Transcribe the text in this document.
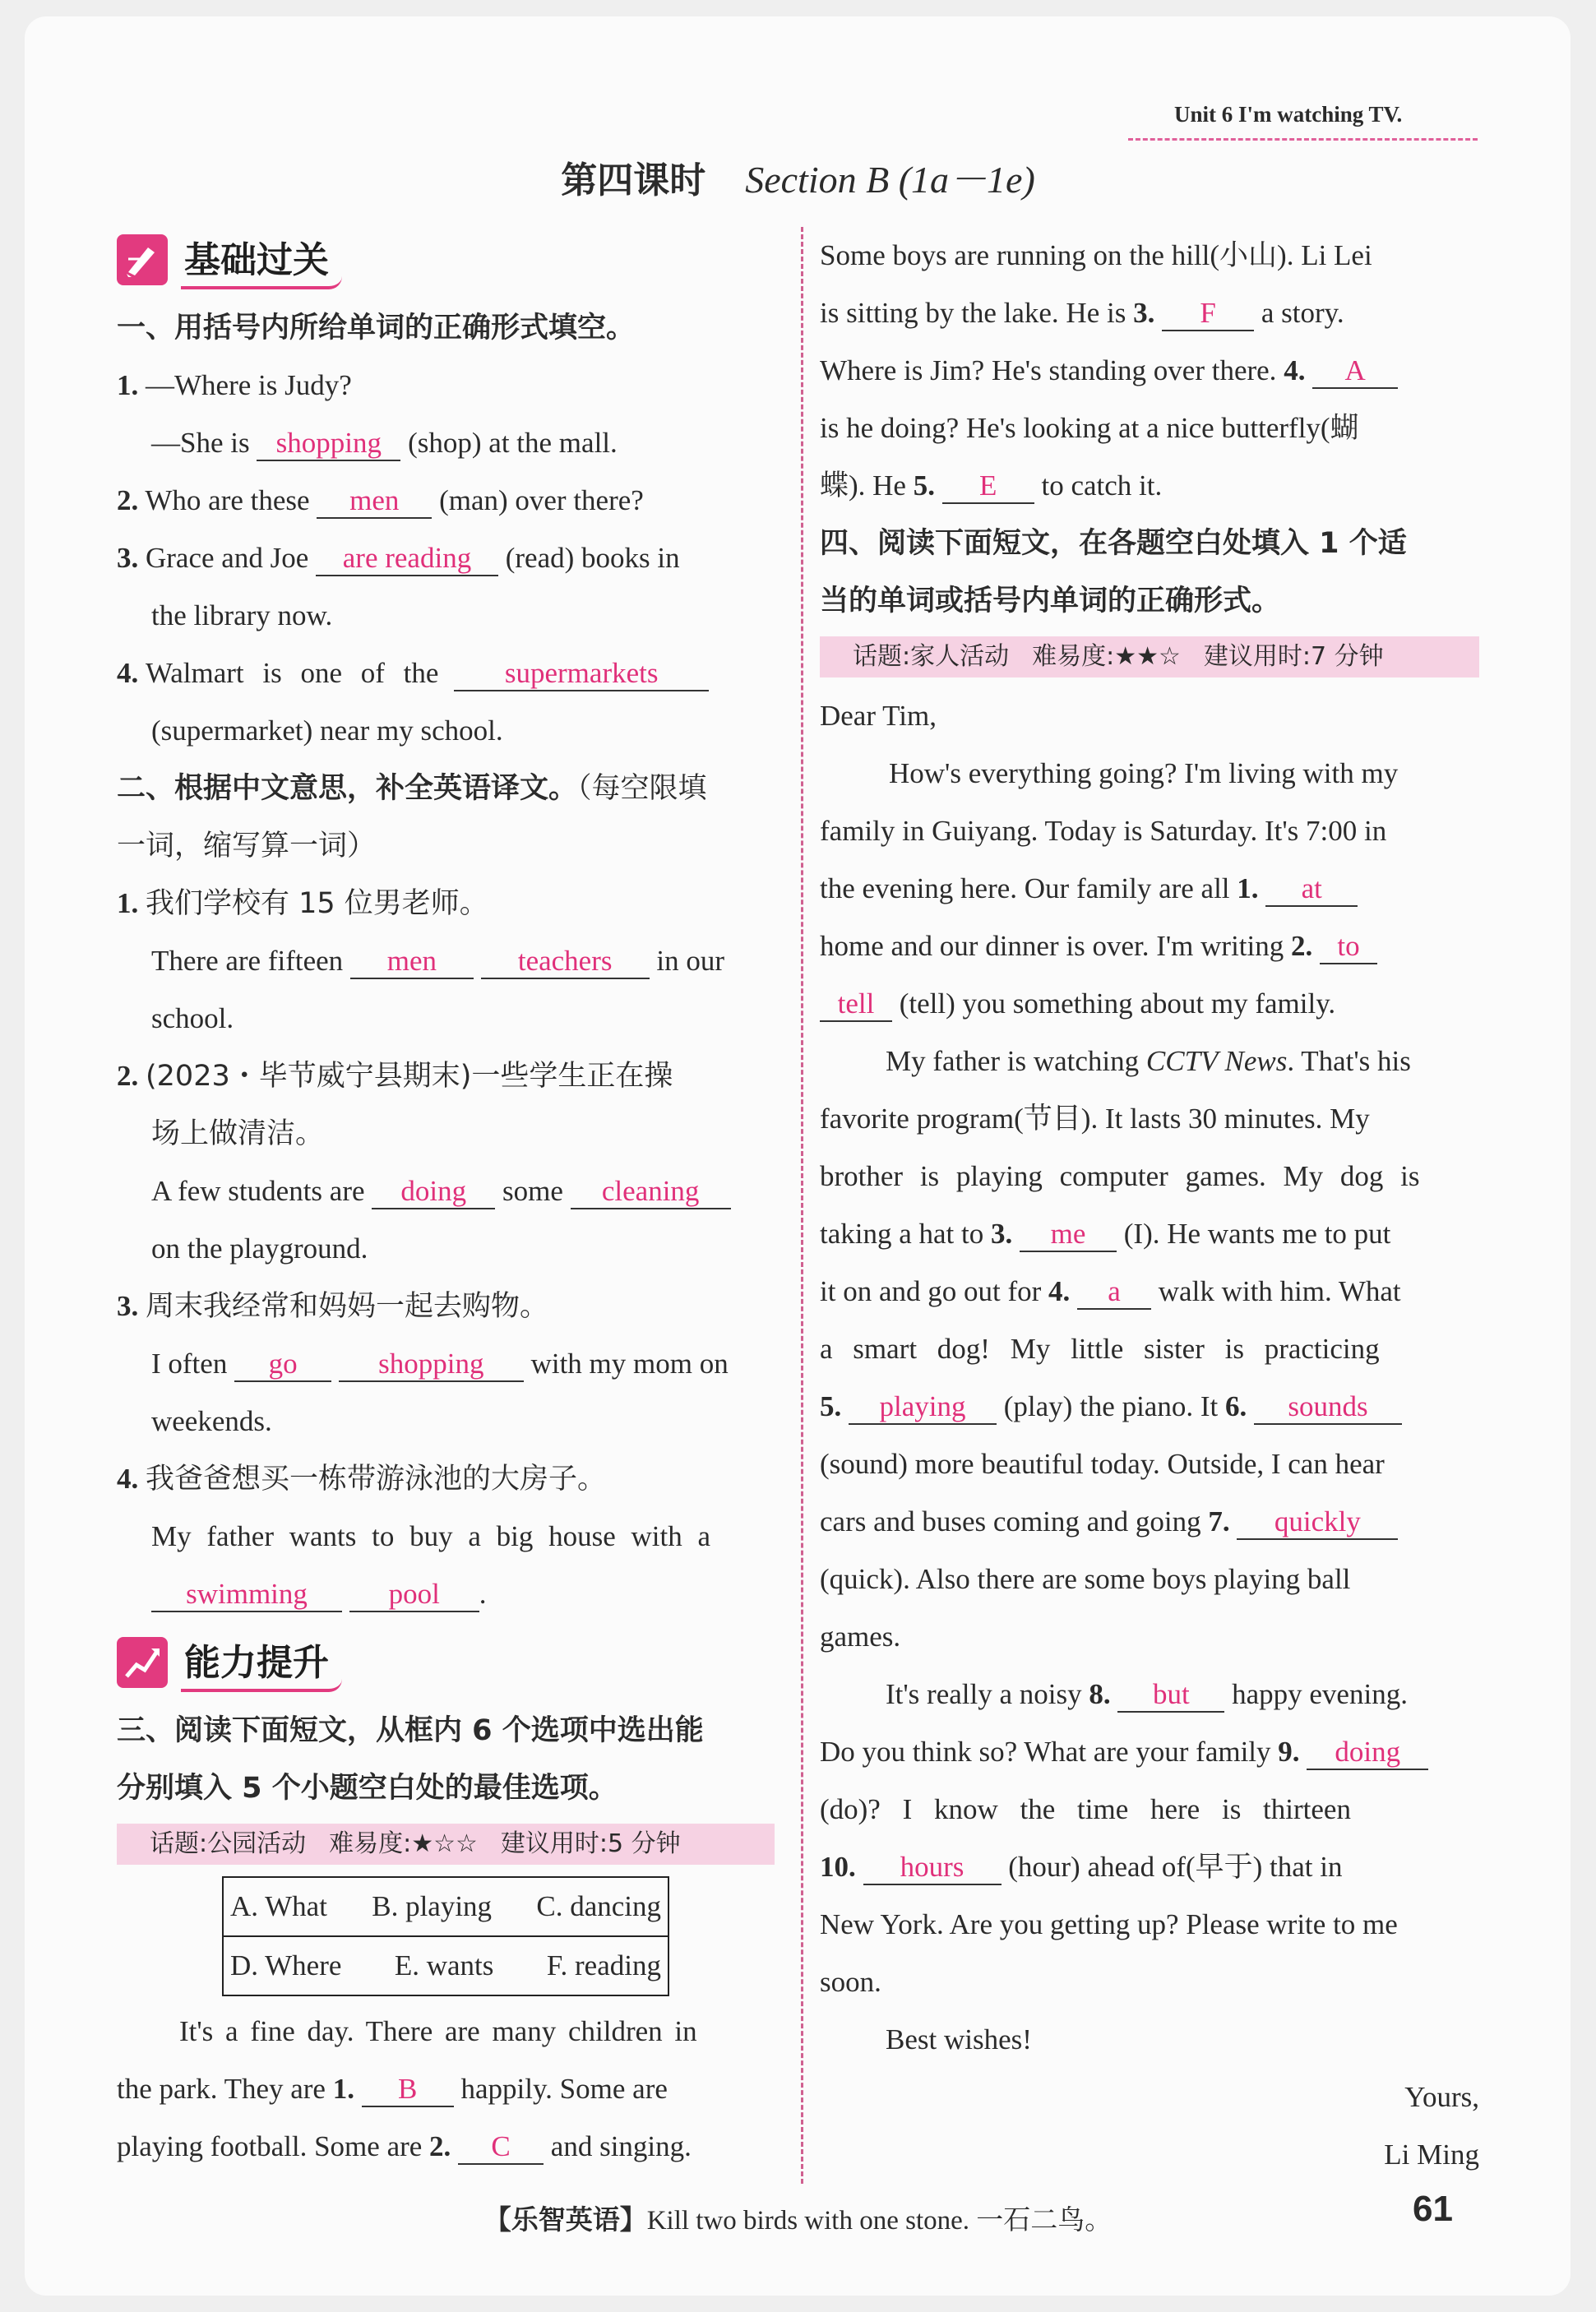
Unit 6 I'm watching TV.
第四课时 Section B (1a－1e)
基础过关
一、用括号内所给单词的正确形式填空。
1. —Where is Judy?
—She is shopping (shop) at the mall.
2. Who are these men (man) over there?
3. Grace and Joe are reading (read) books in
the library now.
4. Walmart is one of the supermarkets
(supermarket) near my school.
二、根据中文意思，补全英语译文。（每空限填
一词，缩写算一词）
1. 我们学校有 15 位男老师。
There are fifteen men	teachers in our
school.
2. (2023・毕节威宁县期末)一些学生正在操
场上做清洁。
A few students are doing some cleaning
on the playground.
3. 周末我经常和妈妈一起去购物。
I often go	shopping with my mom on
weekends.
4. 我爸爸想买一栋带游泳池的大房子。
My father wants to buy a big house with a
swimming	pool .
能力提升
三、阅读下面短文，从框内 6 个选项中选出能
分别填入 5 个小题空白处的最佳选项。
话题:公园活动 难易度:★☆☆ 建议用时:5 分钟
A. What B. playing C. dancing
D. Where E. wants F. reading
It's a fine day. There are many children in
the park. They are 1. B happily. Some are
playing football. Some are 2. C and singing.
Some boys are running on the hill(小山). Li Lei
is sitting by the lake. He is 3. F a story.
Where is Jim? He's standing over there. 4. A
is he doing? He's looking at a nice butterfly(蝴
蝶). He 5. E to catch it.
四、阅读下面短文，在各题空白处填入 1 个适
当的单词或括号内单词的正确形式。
话题:家人活动 难易度:★★☆ 建议用时:7 分钟
Dear Tim,
How's everything going? I'm living with my
family in Guiyang. Today is Saturday. It's 7:00 in
the evening here. Our family are all 1. at
home and our dinner is over. I'm writing 2. to
tell (tell) you something about my family.
My father is watching CCTV News. That's his
favorite program(节目). It lasts 30 minutes. My
brother is playing computer games. My dog is
taking a hat to 3. me (I). He wants me to put
it on and go out for 4. a walk with him. What
a smart dog! My little sister is practicing
5. playing (play) the piano. It 6. sounds
(sound) more beautiful today. Outside, I can hear
cars and buses coming and going 7. quickly
(quick). Also there are some boys playing ball
games.
It's really a noisy 8. but happy evening.
Do you think so? What are your family 9. doing
(do)? I know the time here is thirteen
10. hours (hour) ahead of(早于) that in
New York. Are you getting up? Please write to me
soon.
Best wishes!
Yours,
Li Ming
【乐智英语】Kill two birds with one stone. 一石二鸟。	61
